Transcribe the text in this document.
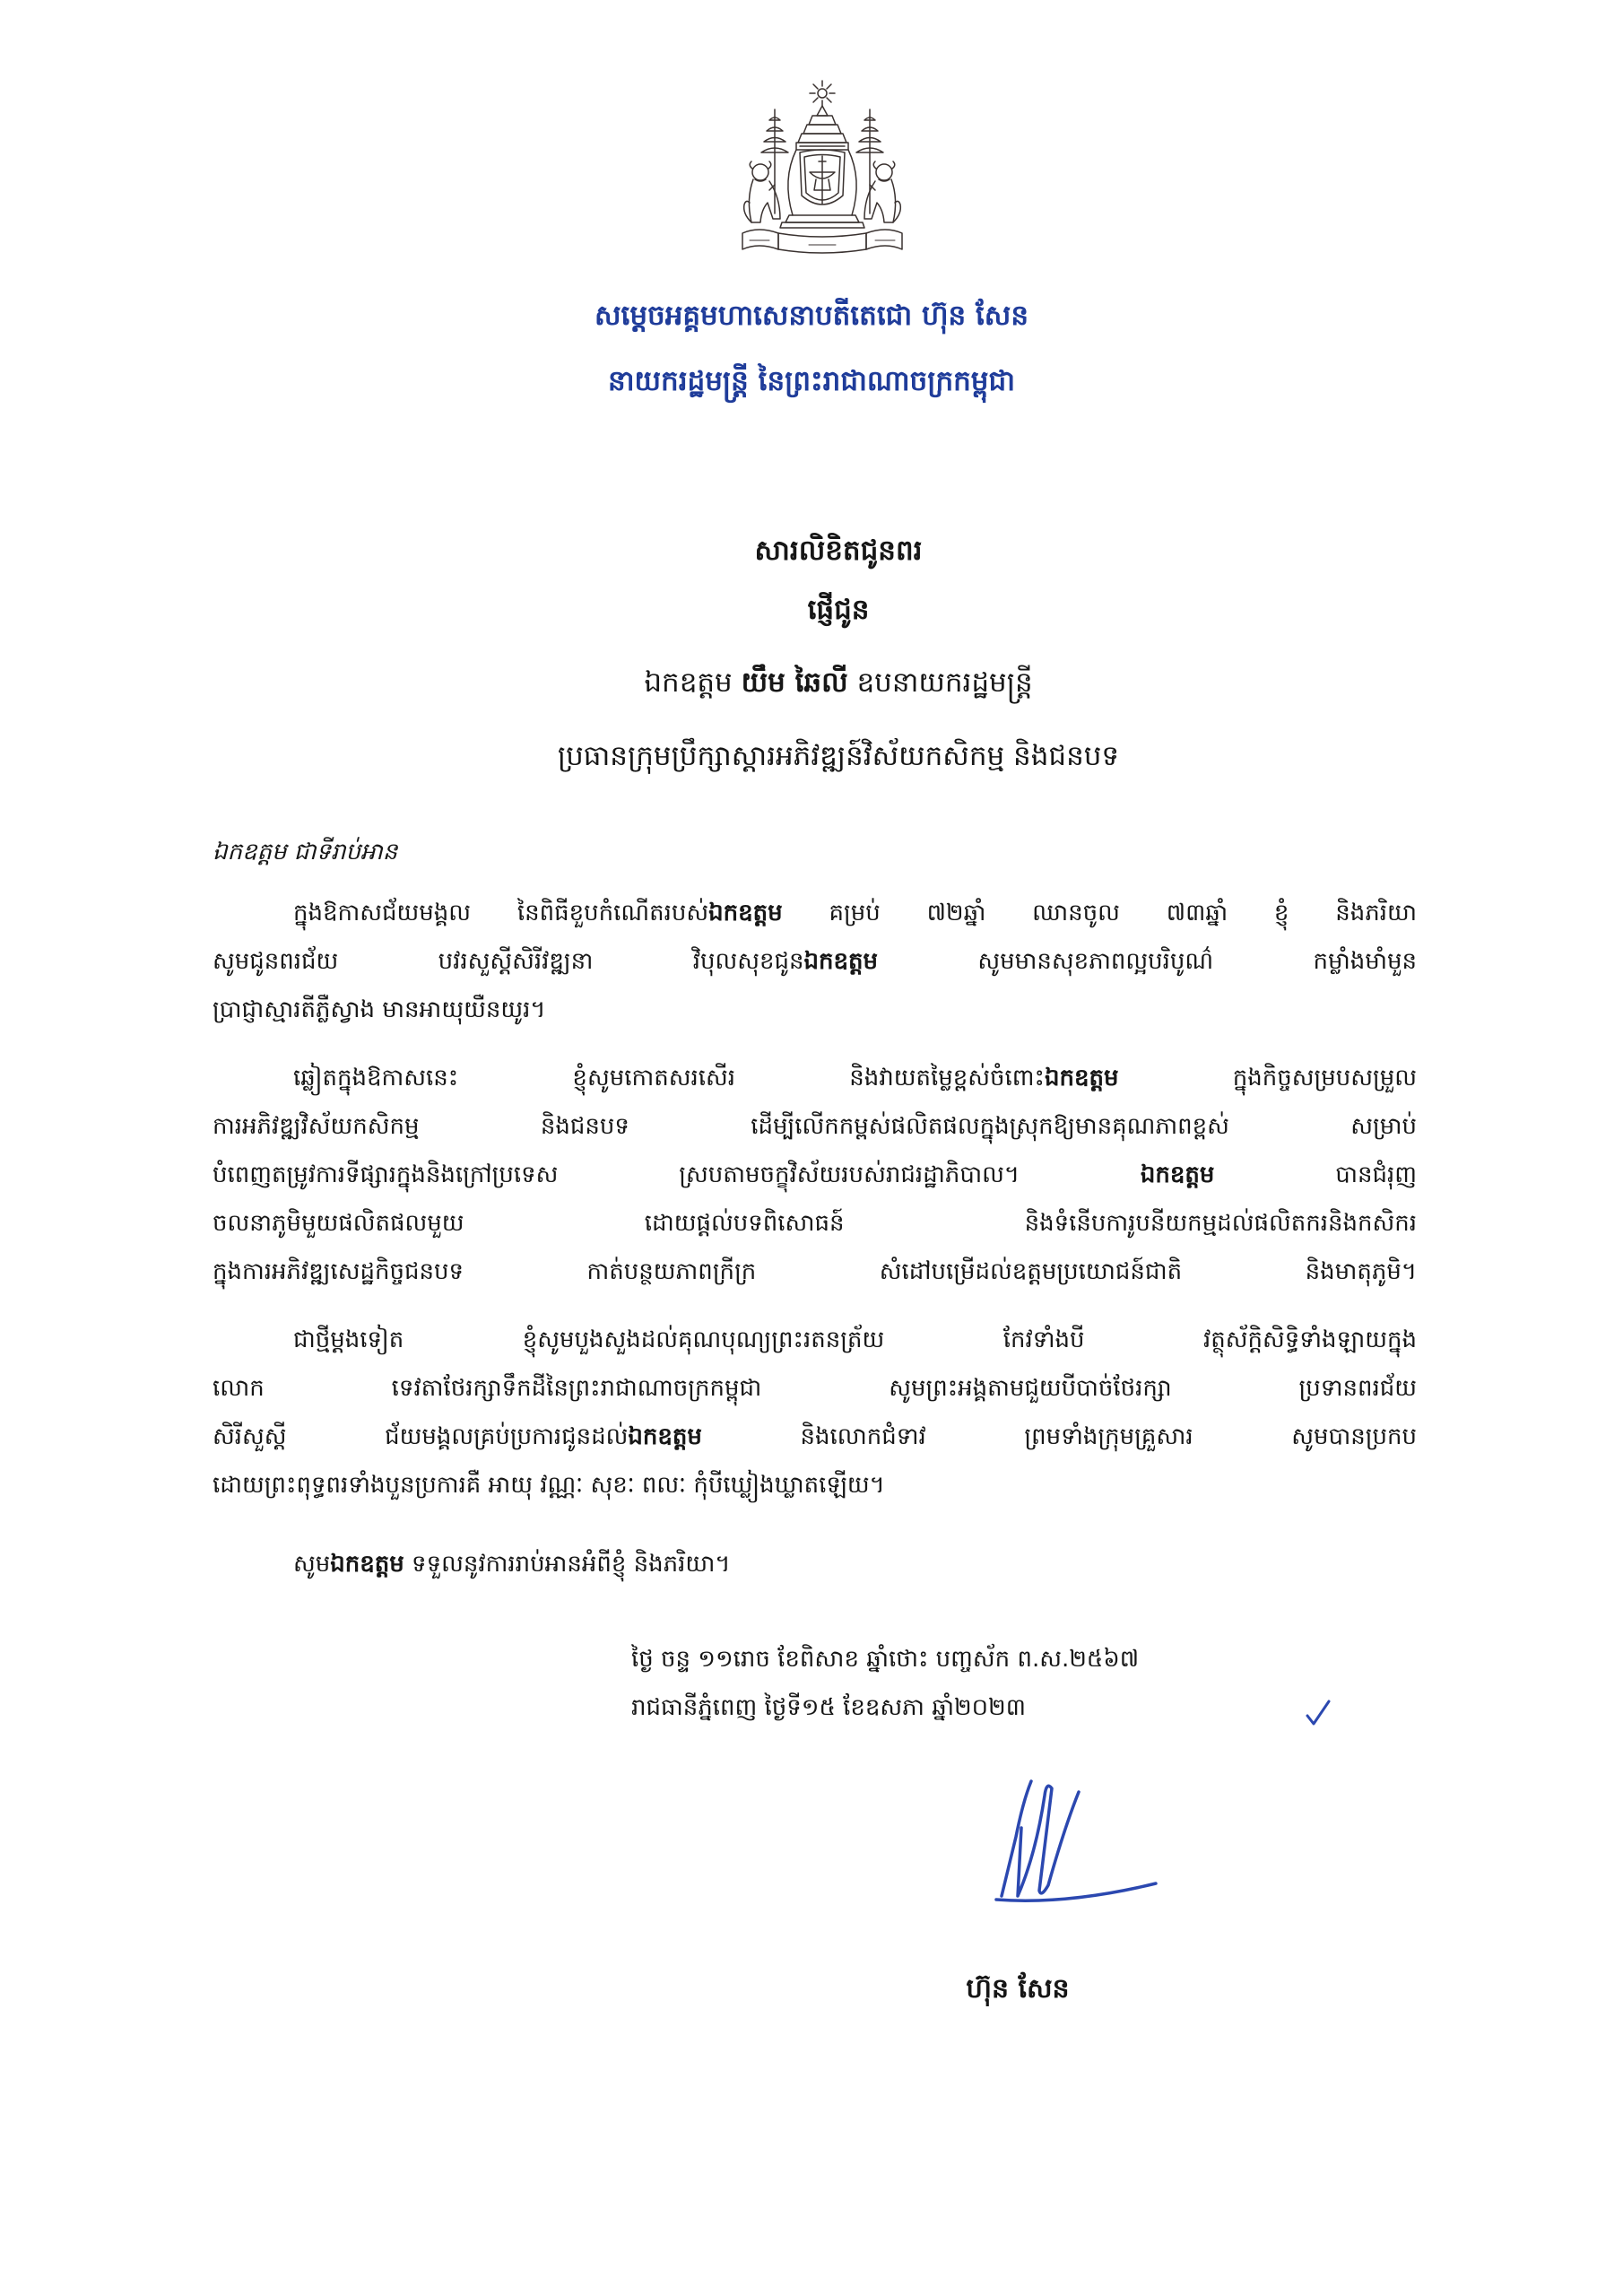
សម្តេចអគ្គមហាសេនាបតីតេជោ ហ៊ុន សែន
នាយករដ្ឋមន្ត្រី នៃព្រះរាជាណាចក្រកម្ពុជា
សារលិខិតជូនពរ
ផ្ញើជូន
ឯកឧត្តម យឹម ឆៃលី ឧបនាយករដ្ឋមន្ត្រី
ប្រធានក្រុមប្រឹក្សាស្តារអភិវឌ្ឍន៍វិស័យកសិកម្ម និងជនបទ
ឯកឧត្តម ជាទីរាប់អាន
ក្នុងឱកាសជ័យមង្គល នៃពិធីខួបកំណើតរបស់ឯកឧត្តម គម្រប់ ៧២ឆ្នាំ ឈានចូល ៧៣ឆ្នាំ ខ្ញុំ និងភរិយា
សូមជូនពរជ័យ បវរសួស្តីសិរីវឌ្ឍនា វិបុលសុខជូនឯកឧត្តម សូមមានសុខភាពល្អបរិបូណ៌ កម្លាំងមាំមួន
ប្រាជ្ញាស្មារតីភ្លឺស្វាង មានអាយុយឺនយូរ។
ឆ្លៀតក្នុងឱកាសនេះ ខ្ញុំសូមកោតសរសើរ និងវាយតម្លៃខ្ពស់ចំពោះឯកឧត្តម ក្នុងកិច្ចសម្របសម្រួល
ការអភិវឌ្ឍវិស័យកសិកម្ម និងជនបទ ដើម្បីលើកកម្ពស់ផលិតផលក្នុងស្រុកឱ្យមានគុណភាពខ្ពស់ សម្រាប់
បំពេញតម្រូវការទីផ្សារក្នុងនិងក្រៅប្រទេស ស្របតាមចក្ខុវិស័យរបស់រាជរដ្ឋាភិបាល។ ឯកឧត្តម បានជំរុញ
ចលនាភូមិមួយផលិតផលមួយ ដោយផ្តល់បទពិសោធន៍ និងទំនើបការូបនីយកម្មដល់ផលិតករនិងកសិករ
ក្នុងការអភិវឌ្ឍសេដ្ឋកិច្ចជនបទ កាត់បន្ថយភាពក្រីក្រ សំដៅបម្រើដល់ឧត្តមប្រយោជន៍ជាតិ និងមាតុភូមិ។
ជាថ្មីម្តងទៀត ខ្ញុំសូមបួងសួងដល់គុណបុណ្យព្រះរតនត្រ័យ កែវទាំងបី វត្ថុស័ក្តិសិទ្ធិទាំងឡាយក្នុង
លោក ទេវតាថែរក្សាទឹកដីនៃព្រះរាជាណាចក្រកម្ពុជា សូមព្រះអង្គតាមជួយបីបាច់ថែរក្សា ប្រទានពរជ័យ
សិរីសួស្តី ជ័យមង្គលគ្រប់ប្រការជូនដល់ឯកឧត្តម និងលោកជំទាវ ព្រមទាំងក្រុមគ្រួសារ សូមបានប្រកប
ដោយព្រះពុទ្ធពរទាំងបួនប្រការគឺ អាយុ វណ្ណៈ សុខៈ ពលៈ កុំបីឃ្លៀងឃ្លាតឡើយ។
សូមឯកឧត្តម ទទួលនូវការរាប់អានអំពីខ្ញុំ និងភរិយា។
ថ្ងៃ ចន្ទ ១១រោច ខែពិសាខ ឆ្នាំថោះ បញ្ចស័ក ព.ស.២៥៦៧
រាជធានីភ្នំពេញ ថ្ងៃទី១៥ ខែឧសភា ឆ្នាំ២០២៣
ហ៊ុន សែន
